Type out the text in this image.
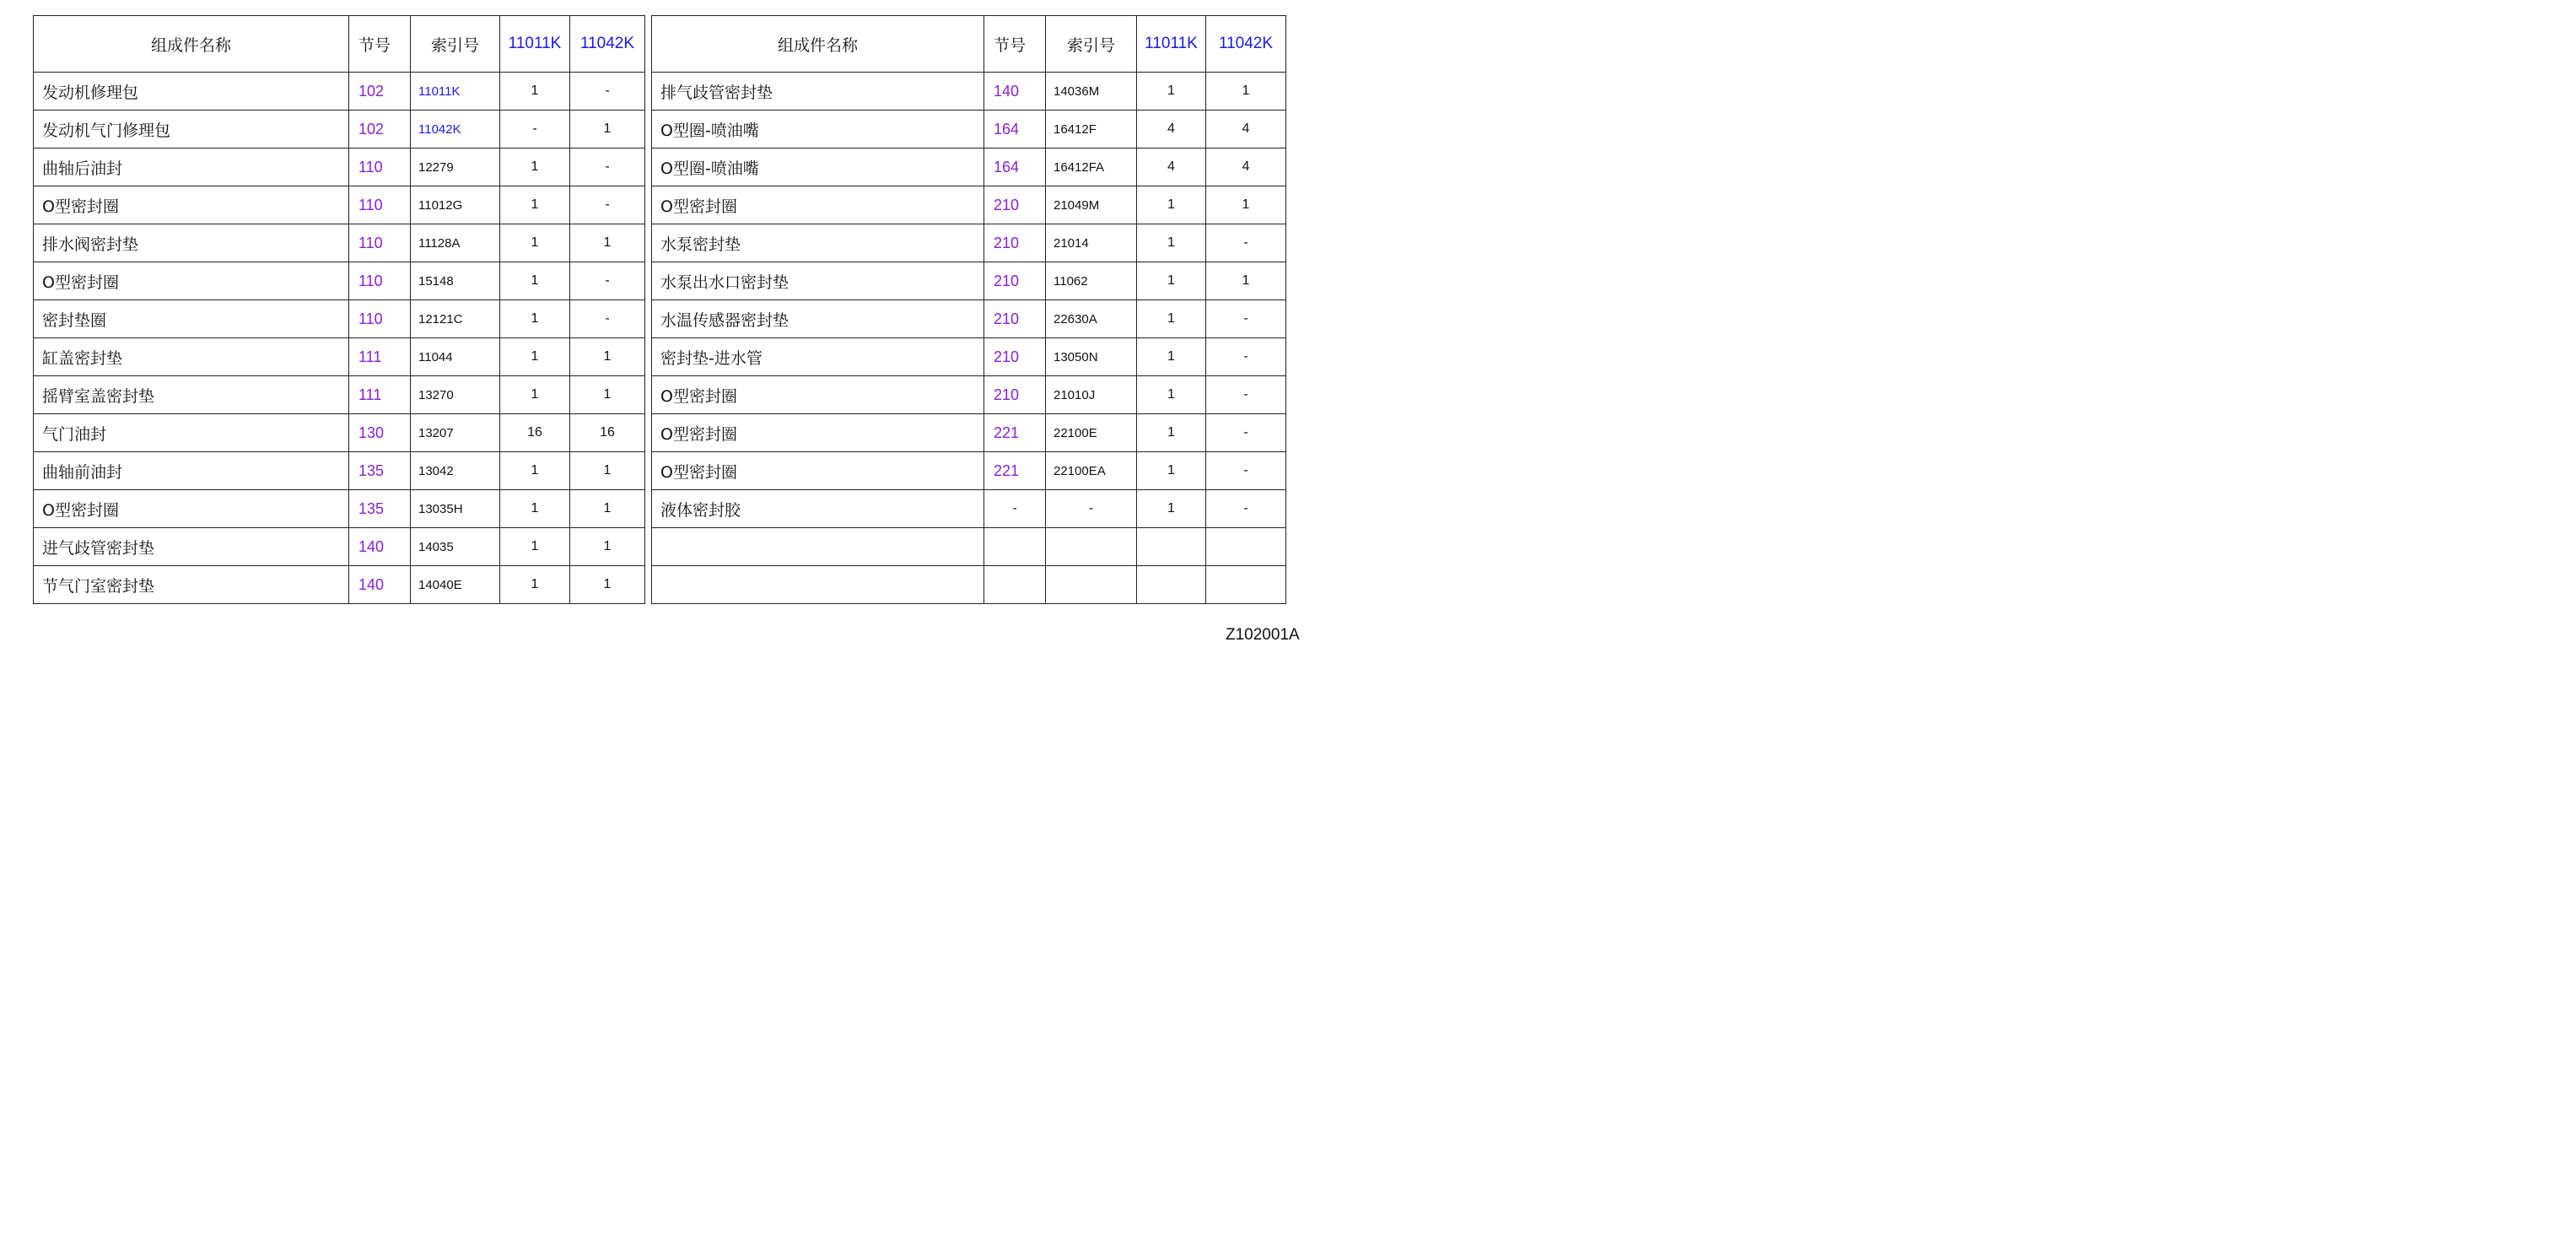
组成件名称	节号	索引号	11011K	11042K		组成件名称	节号	索引号	11011K	11042K
发动机修理包	102	11011K	1	-		排气歧管密封垫	140	14036M	1	1
发动机气门修理包	102	11042K	-	1		O型圈-喷油嘴	164	16412F	4	4
曲轴后油封	110	12279	1	-		O型圈-喷油嘴	164	16412FA	4	4
O型密封圈	110	11012G	1	-		O型密封圈	210	21049M	1	1
排水阀密封垫	110	11128A	1	1		水泵密封垫	210	21014	1	-
O型密封圈	110	15148	1	-		水泵出水口密封垫	210	11062	1	1
密封垫圈	110	12121C	1	-		水温传感器密封垫	210	22630A	1	-
缸盖密封垫	111	11044	1	1		密封垫-进水管	210	13050N	1	-
摇臂室盖密封垫	111	13270	1	1		O型密封圈	210	21010J	1	-
气门油封	130	13207	16	16		O型密封圈	221	22100E	1	-
曲轴前油封	135	13042	1	1		O型密封圈	221	22100EA	1	-
O型密封圈	135	13035H	1	1		液体密封胶	-	-	1	-
进气歧管密封垫	140	14035	1	1						
节气门室密封垫	140	14040E	1	1						
Z102001A
